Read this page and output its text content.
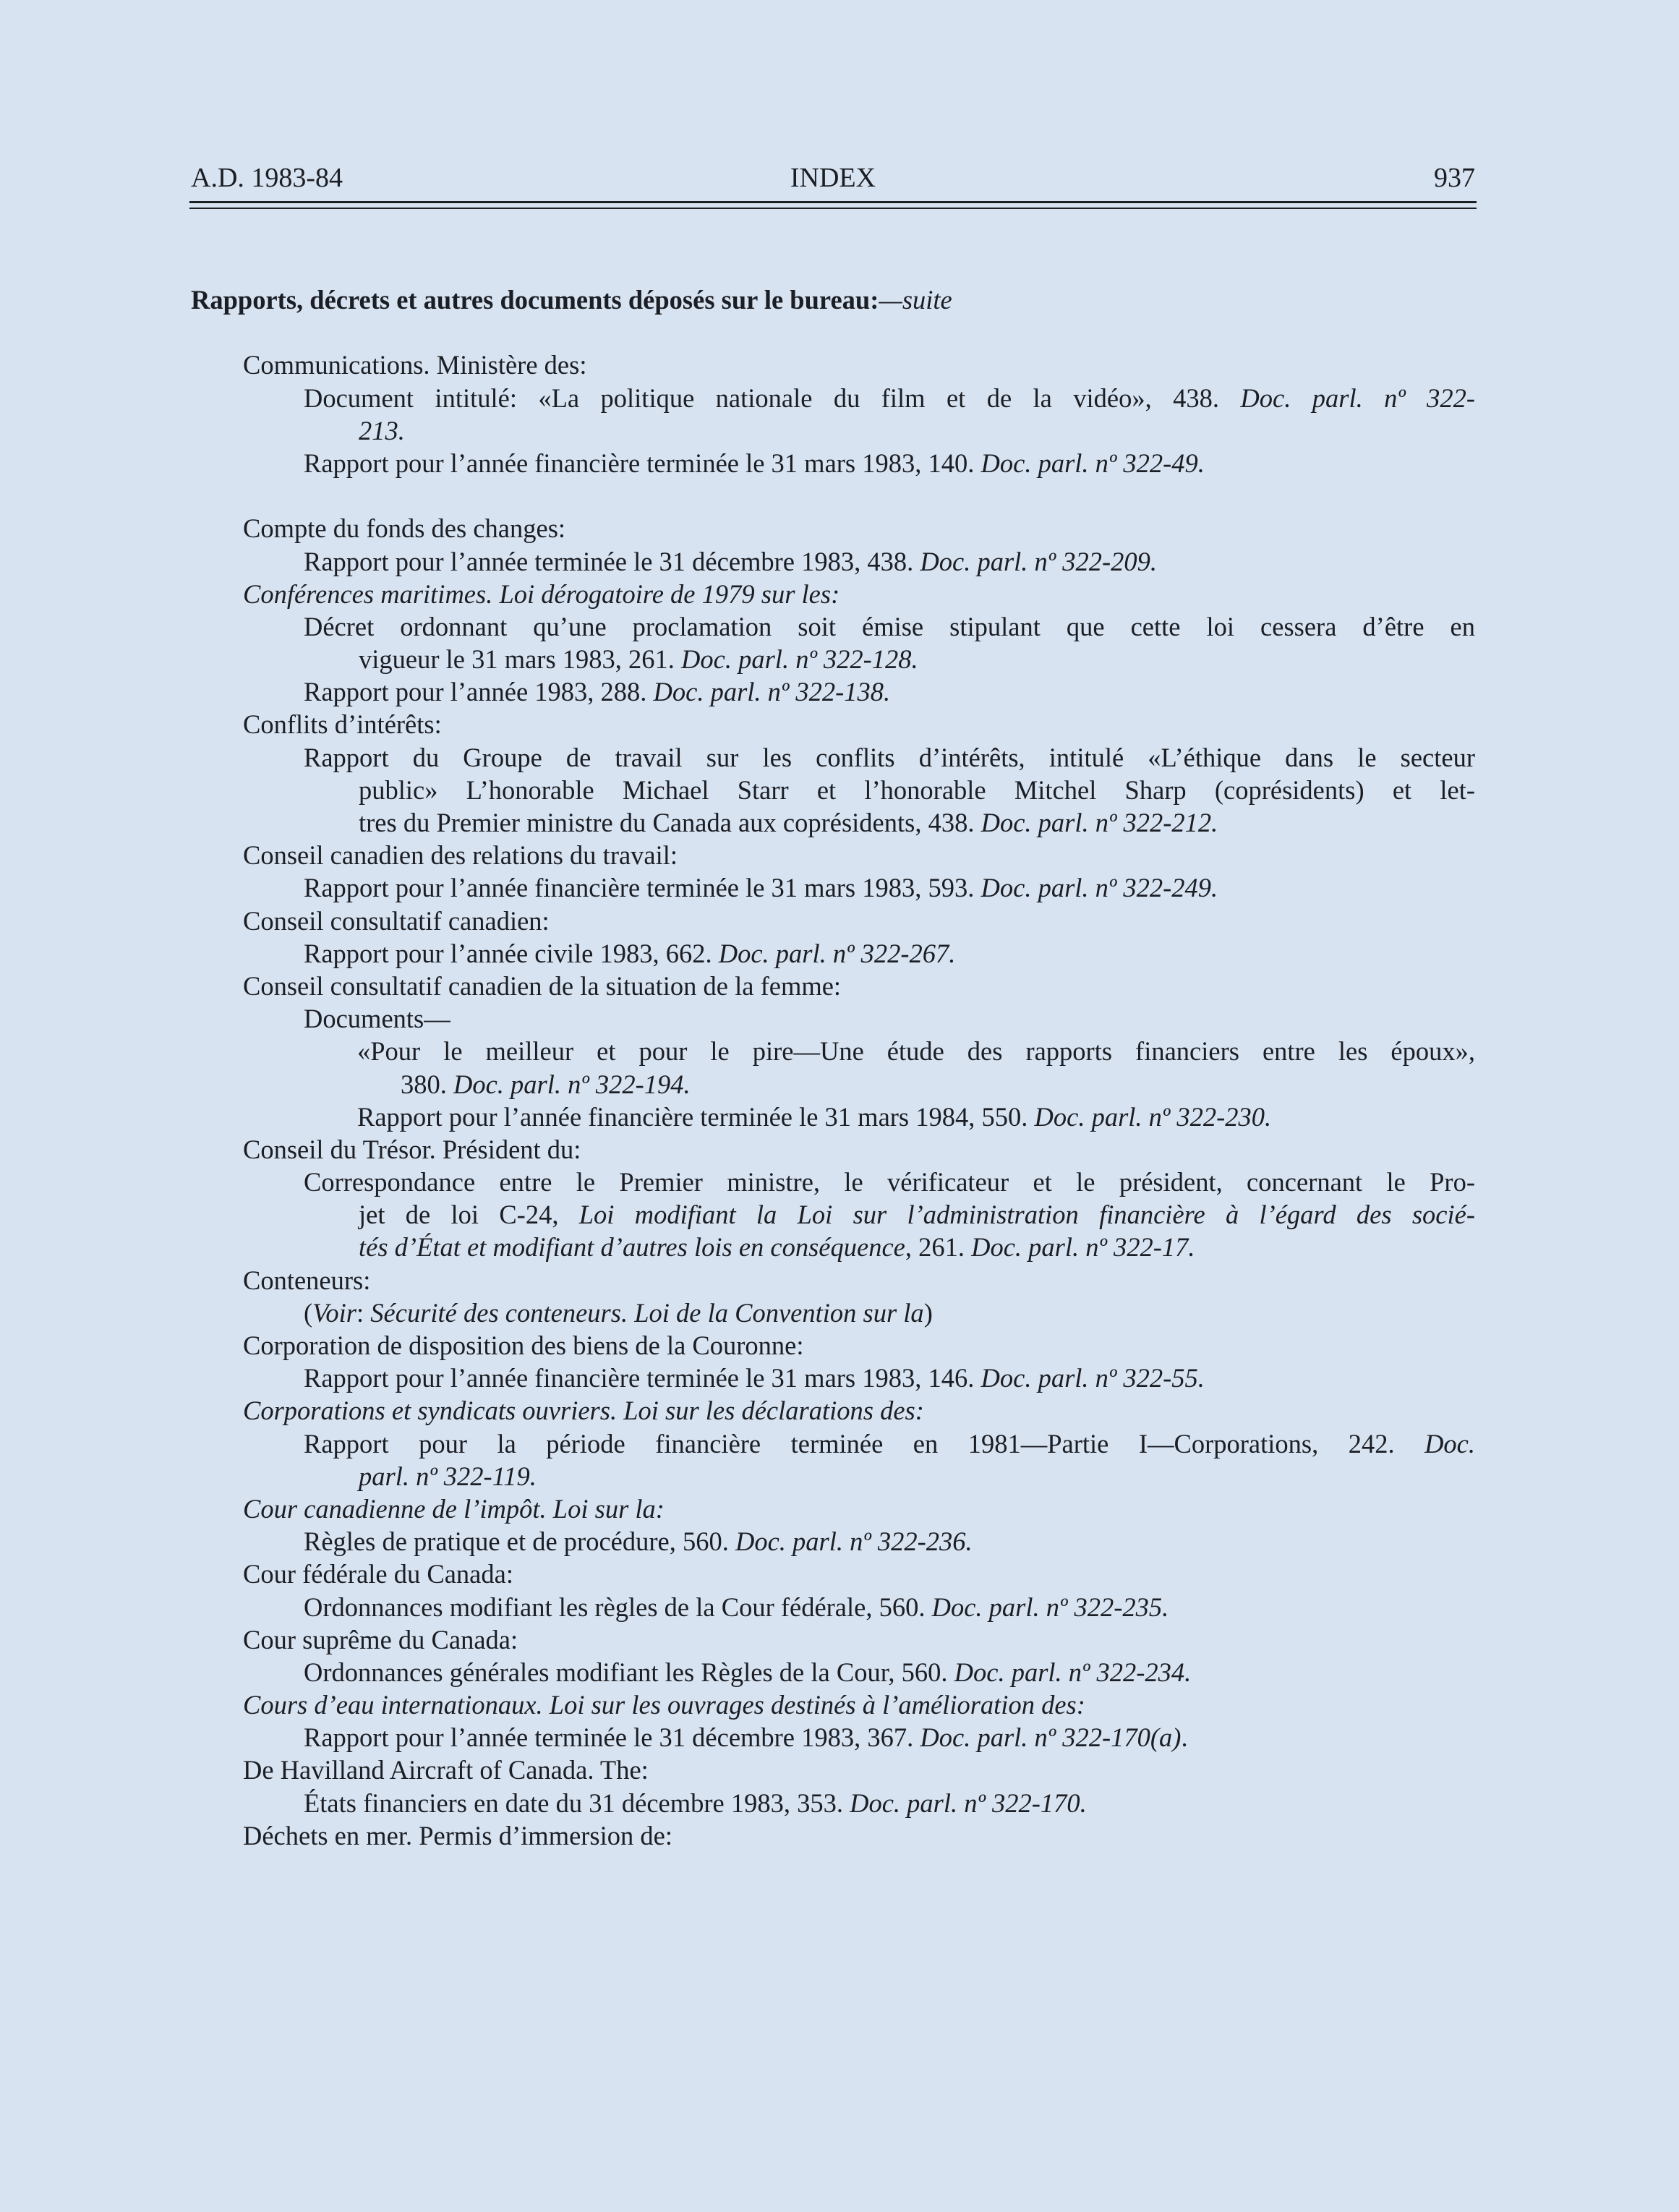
A.D. 1983-84	INDEX	937
Rapports, décrets et autres documents déposés sur le bureau:—suite
Communications. Ministère des:
Document intitulé: «La politique nationale du film et de la vidéo», 438. Doc. parl. nº 322-
213.
Rapport pour l’année financière terminée le 31 mars 1983, 140. Doc. parl. nº 322-49.
Compte du fonds des changes:
Rapport pour l’année terminée le 31 décembre 1983, 438. Doc. parl. nº 322-209.
Conférences maritimes. Loi dérogatoire de 1979 sur les:
Décret ordonnant qu’une proclamation soit émise stipulant que cette loi cessera d’être en
vigueur le 31 mars 1983, 261. Doc. parl. nº 322-128.
Rapport pour l’année 1983, 288. Doc. parl. nº 322-138.
Conflits d’intérêts:
Rapport du Groupe de travail sur les conflits d’intérêts, intitulé «L’éthique dans le secteur
public» L’honorable Michael Starr et l’honorable Mitchel Sharp (coprésidents) et let-
tres du Premier ministre du Canada aux coprésidents, 438. Doc. parl. nº 322-212.
Conseil canadien des relations du travail:
Rapport pour l’année financière terminée le 31 mars 1983, 593. Doc. parl. nº 322-249.
Conseil consultatif canadien:
Rapport pour l’année civile 1983, 662. Doc. parl. nº 322-267.
Conseil consultatif canadien de la situation de la femme:
Documents—
«Pour le meilleur et pour le pire—Une étude des rapports financiers entre les époux»,
380. Doc. parl. nº 322-194.
Rapport pour l’année financière terminée le 31 mars 1984, 550. Doc. parl. nº 322-230.
Conseil du Trésor. Président du:
Correspondance entre le Premier ministre, le vérificateur et le président, concernant le Pro-
jet de loi C-24, Loi modifiant la Loi sur l’administration financière à l’égard des socié-
tés d’État et modifiant d’autres lois en conséquence, 261. Doc. parl. nº 322-17.
Conteneurs:
(Voir: Sécurité des conteneurs. Loi de la Convention sur la)
Corporation de disposition des biens de la Couronne:
Rapport pour l’année financière terminée le 31 mars 1983, 146. Doc. parl. nº 322-55.
Corporations et syndicats ouvriers. Loi sur les déclarations des:
Rapport pour la période financière terminée en 1981—Partie I—Corporations, 242. Doc.
parl. nº 322-119.
Cour canadienne de l’impôt. Loi sur la:
Règles de pratique et de procédure, 560. Doc. parl. nº 322-236.
Cour fédérale du Canada:
Ordonnances modifiant les règles de la Cour fédérale, 560. Doc. parl. nº 322-235.
Cour suprême du Canada:
Ordonnances générales modifiant les Règles de la Cour, 560. Doc. parl. nº 322-234.
Cours d’eau internationaux. Loi sur les ouvrages destinés à l’amélioration des:
Rapport pour l’année terminée le 31 décembre 1983, 367. Doc. parl. nº 322-170(a).
De Havilland Aircraft of Canada. The:
États financiers en date du 31 décembre 1983, 353. Doc. parl. nº 322-170.
Déchets en mer. Permis d’immersion de:
